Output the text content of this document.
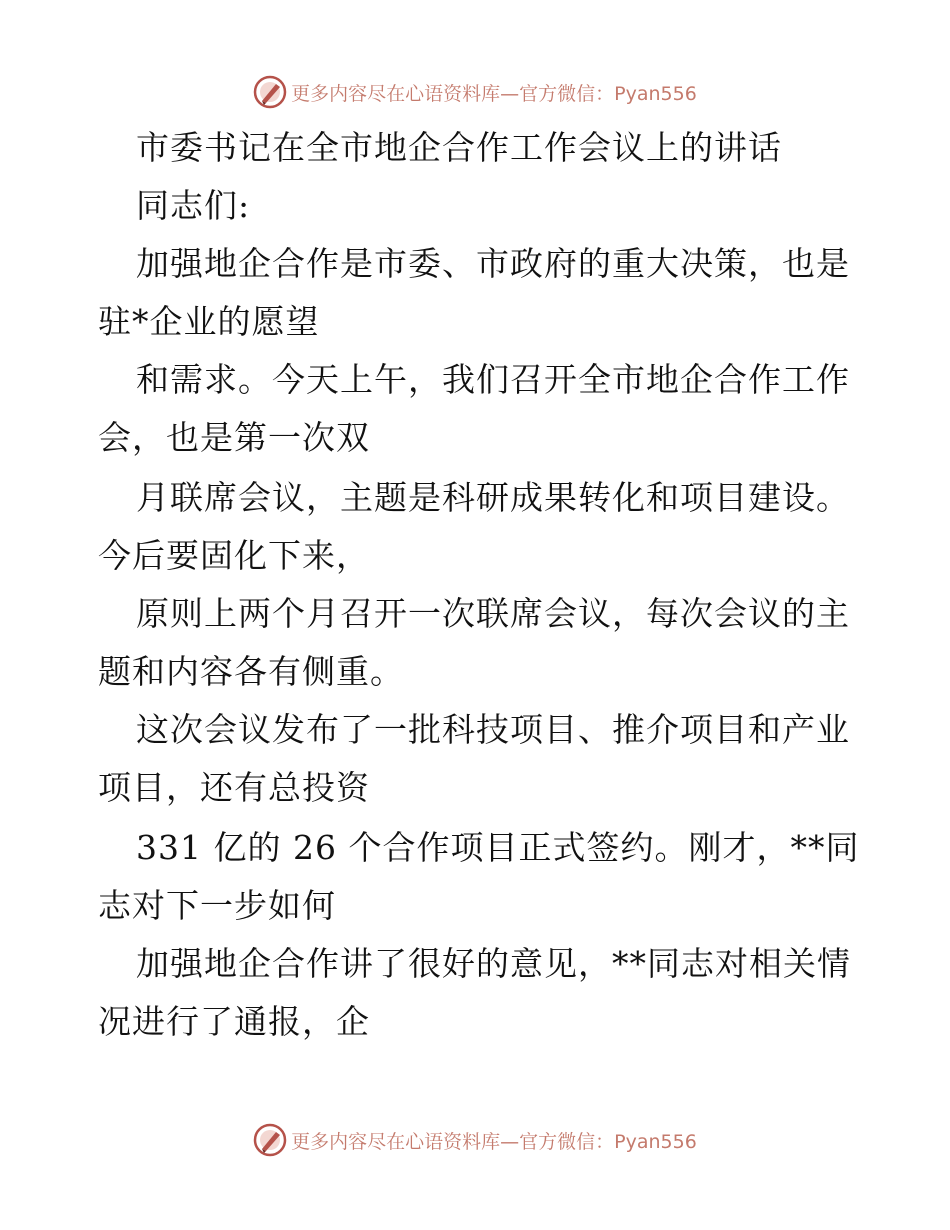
更多内容尽在心语资料库—官方微信：Pyan556
市委书记在全市地企合作工作会议上的讲话
同志们:
加强地企合作是市委、市政府的重大决策，也是
驻*企业的愿望
和需求。今天上午，我们召开全市地企合作工作
会，也是第一次双
月联席会议，主题是科研成果转化和项目建设。
今后要固化下来，
原则上两个月召开一次联席会议，每次会议的主
题和内容各有侧重。
这次会议发布了一批科技项目、推介项目和产业
项目，还有总投资
331 亿的 26 个合作项目正式签约。刚才，**同
志对下一步如何
加强地企合作讲了很好的意见，**同志对相关情
况进行了通报，企
更多内容尽在心语资料库—官方微信：Pyan556
